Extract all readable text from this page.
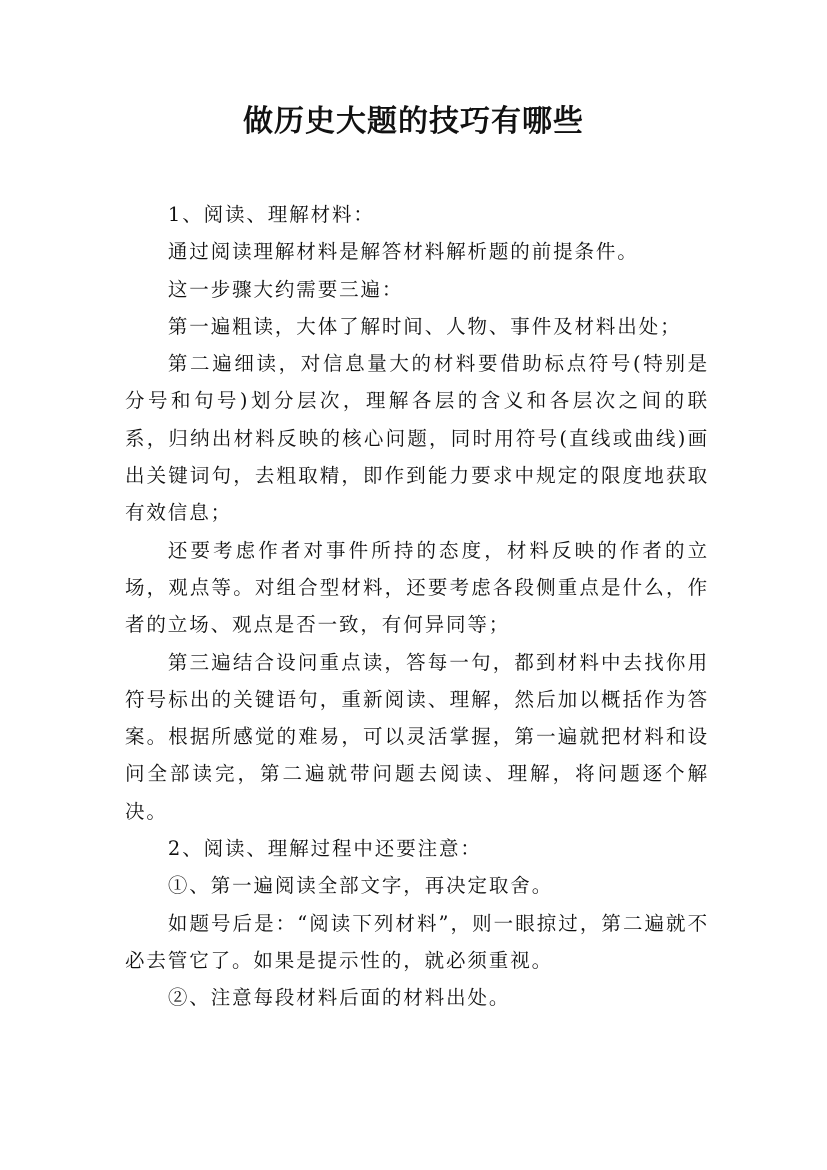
做历史大题的技巧有哪些

1、阅读、理解材料：

通过阅读理解材料是解答材料解析题的前提条件。

这一步骤大约需要三遍：

第一遍粗读，大体了解时间、人物、事件及材料出处；

第二遍细读，对信息量大的材料要借助标点符号(特别是分号和句号)划分层次，理解各层的含义和各层次之间的联系，归纳出材料反映的核心问题，同时用符号(直线或曲线)画出关键词句，去粗取精，即作到能力要求中规定的限度地获取有效信息；

还要考虑作者对事件所持的态度，材料反映的作者的立场，观点等。对组合型材料，还要考虑各段侧重点是什么，作者的立场、观点是否一致，有何异同等；

第三遍结合设问重点读，答每一句，都到材料中去找你用符号标出的关键语句，重新阅读、理解，然后加以概括作为答案。根据所感觉的难易，可以灵活掌握，第一遍就把材料和设问全部读完，第二遍就带问题去阅读、理解，将问题逐个解决。

2、阅读、理解过程中还要注意：

①、第一遍阅读全部文字，再决定取舍。

如题号后是：“阅读下列材料”，则一眼掠过，第二遍就不必去管它了。如果是提示性的，就必须重视。

②、注意每段材料后面的材料出处。
